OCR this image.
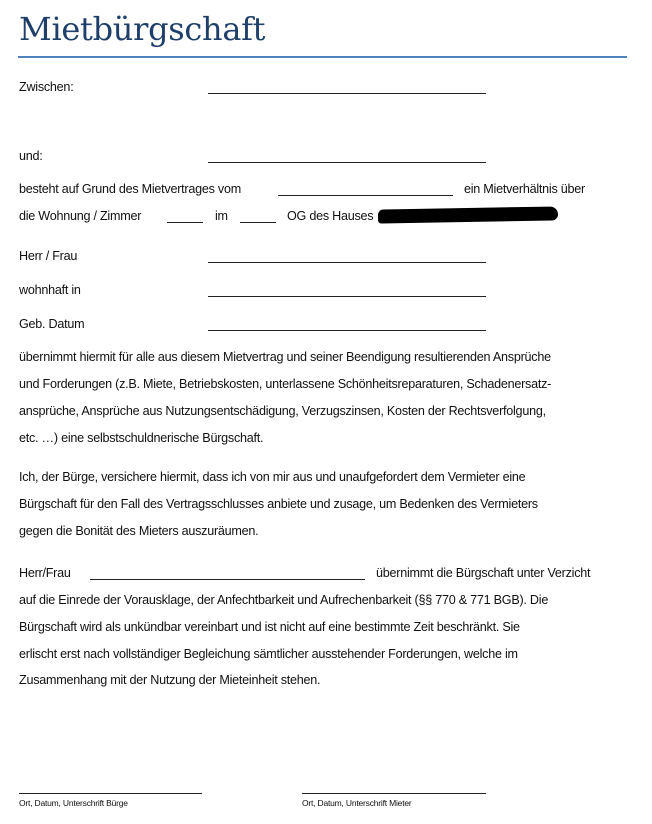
Mietbürgschaft
Zwischen:
und:
besteht auf Grund des Mietvertrages vom	ein Mietverhältnis über
die Wohnung / Zimmer	im	OG des Hauses
Herr / Frau
wohnhaft in
Geb. Datum
übernimmt hiermit für alle aus diesem Mietvertrag und seiner Beendigung resultierenden Ansprüche
und Forderungen (z.B. Miete, Betriebskosten, unterlassene Schönheitsreparaturen, Schadenersatz-
ansprüche, Ansprüche aus Nutzungsentschädigung, Verzugszinsen, Kosten der Rechtsverfolgung,
etc. …) eine selbstschuldnerische Bürgschaft.
Ich, der Bürge, versichere hiermit, dass ich von mir aus und unaufgefordert dem Vermieter eine
Bürgschaft für den Fall des Vertragsschlusses anbiete und zusage, um Bedenken des Vermieters
gegen die Bonität des Mieters auszuräumen.
Herr/Frau	übernimmt die Bürgschaft unter Verzicht
auf die Einrede der Vorausklage, der Anfechtbarkeit und Aufrechenbarkeit (§§ 770 & 771 BGB). Die
Bürgschaft wird als unkündbar vereinbart und ist nicht auf eine bestimmte Zeit beschränkt. Sie
erlischt erst nach vollständiger Begleichung sämtlicher ausstehender Forderungen, welche im
Zusammenhang mit der Nutzung der Mieteinheit stehen.
Ort, Datum, Unterschrift Bürge	Ort, Datum, Unterschrift Mieter
